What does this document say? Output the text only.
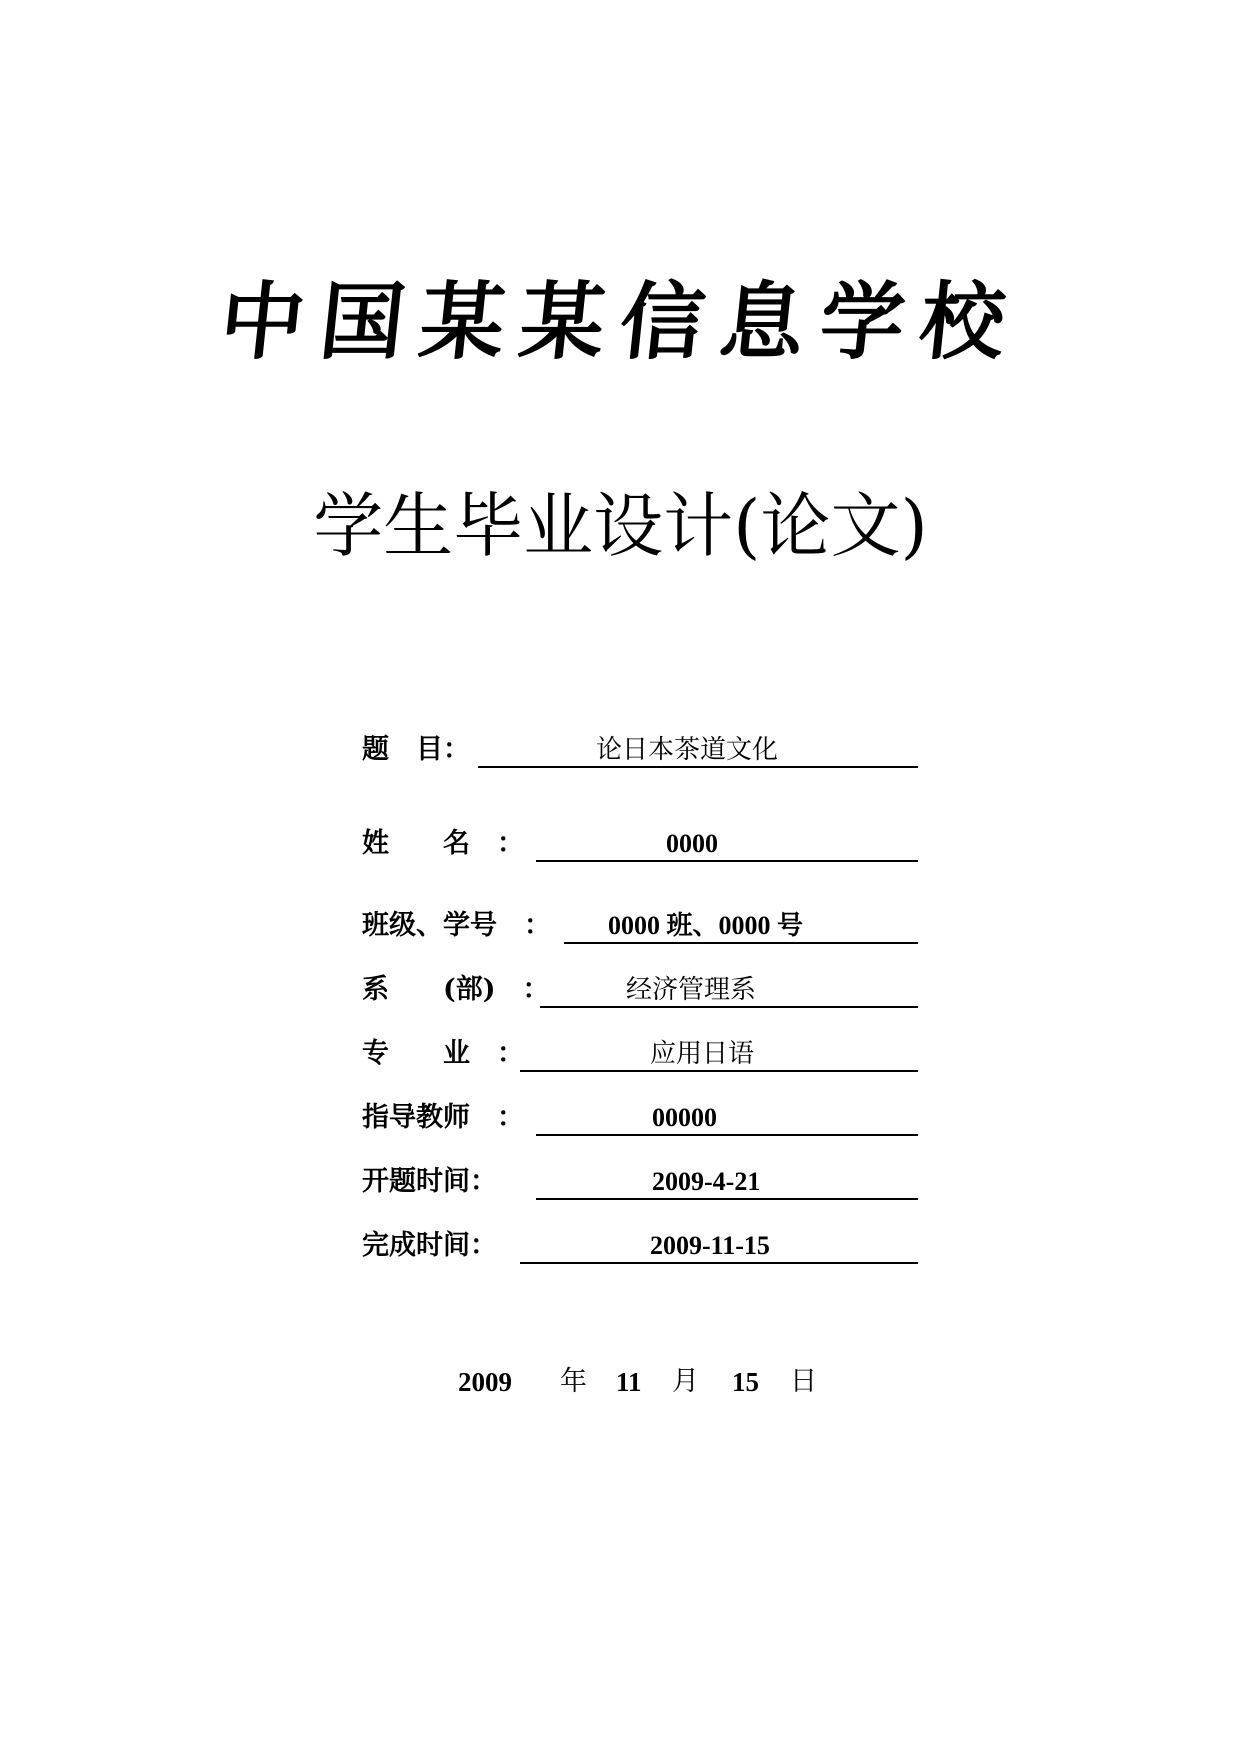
中国某某信息学校
学生毕业设计(论文)
题　目：	论日本茶道文化
姓　　名　：	0000
班级、学号　：	0000 班、0000 号
系　　(部)　：	经济管理系
专　　业　：	应用日语
指导教师　：	00000
开题时间：	2009-4-21
完成时间：	2009-11-15
2009 年 11 月 15 日
